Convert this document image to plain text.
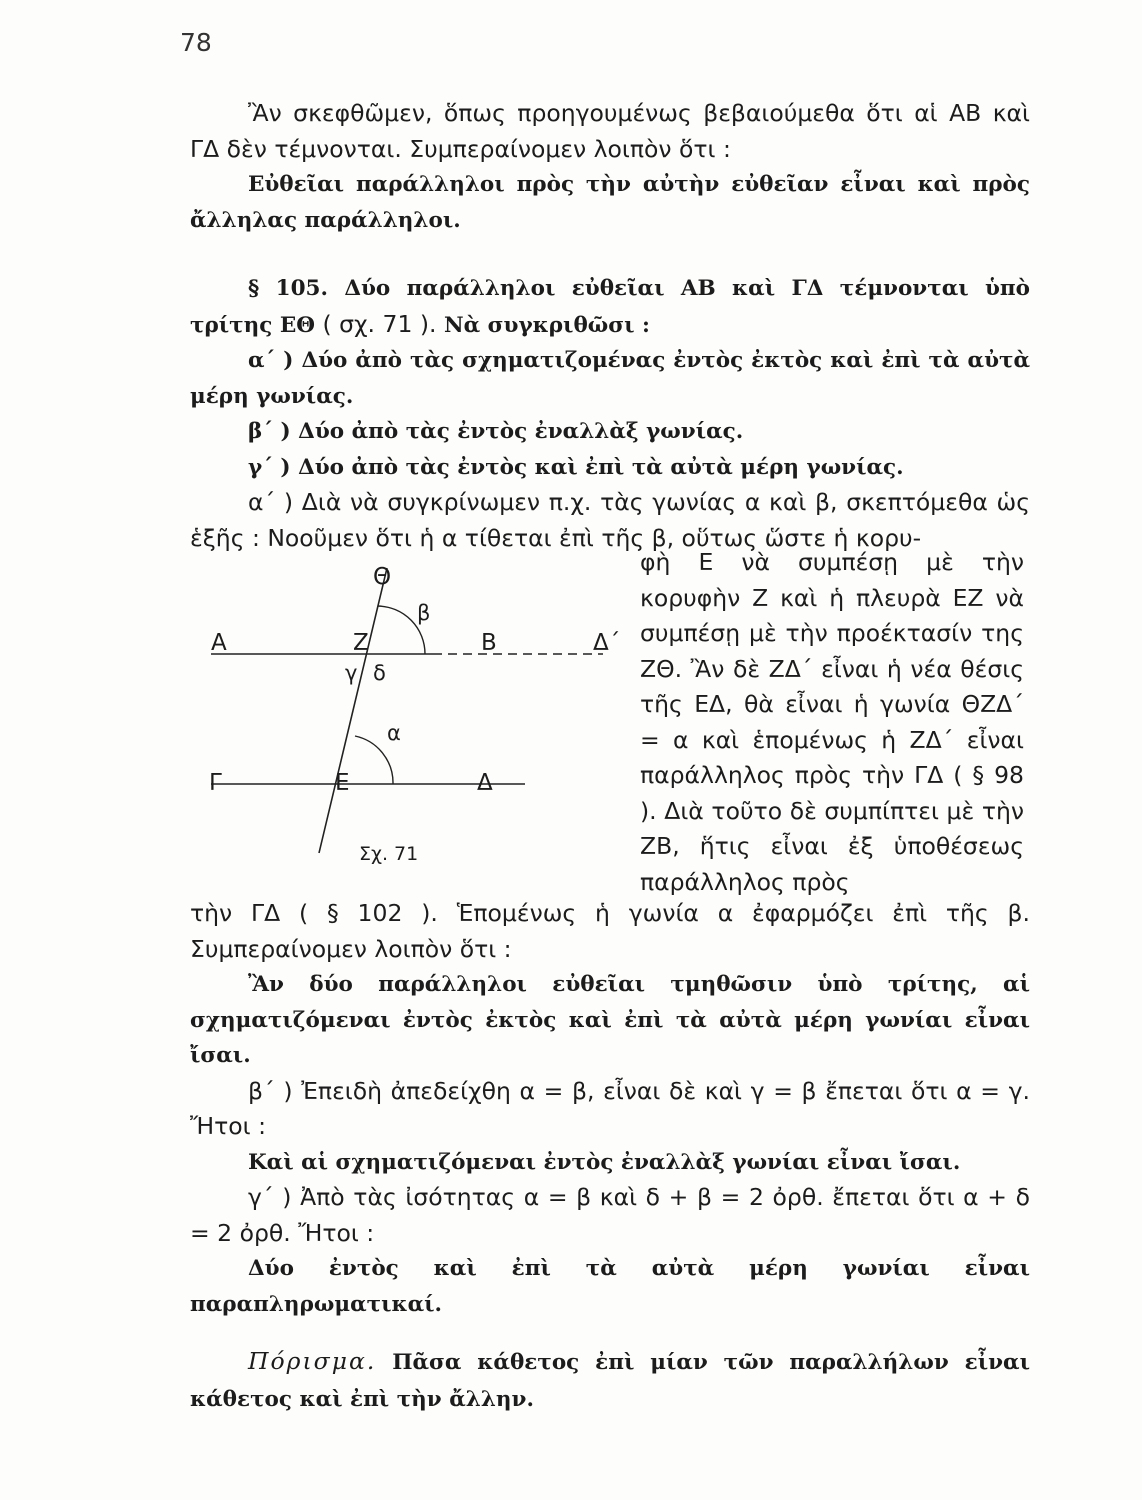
78

Ἂν σκεφθῶμεν, ὅπως προηγουμένως βεβαιούμεθα ὅτι αἱ ΑΒ καὶ ΓΔ δὲν τέμνονται. Συμπεραίνομεν λοιπὸν ὅτι :

Εὐθεῖαι παράλληλοι πρὸς τὴν αὐτὴν εὐθεῖαν εἶναι καὶ πρὸς ἄλληλας παράλληλοι.

§ 105. Δύο παράλληλοι εὐθεῖαι ΑΒ καὶ ΓΔ τέμνονται ὑπὸ τρίτης ΕΘ ( σχ. 71 ). Νὰ συγκριθῶσι :

α΄ ) Δύο ἀπὸ τὰς σχηματιζομένας ἐντὸς ἐκτὸς καὶ ἐπὶ τὰ αὐτὰ μέρη γωνίας.

β΄ ) Δύο ἀπὸ τὰς ἐντὸς ἐναλλὰξ γωνίας.

γ΄ ) Δύο ἀπὸ τὰς ἐντὸς καὶ ἐπὶ τὰ αὐτὰ μέρη γωνίας.

α΄ ) Διὰ νὰ συγκρίνωμεν π.χ. τὰς γωνίας α καὶ β, σκεπτόμεθα ὡς ἑξῆς : Νοοῦμεν ὅτι ἡ α τίθεται ἐπὶ τῆς β, οὕτως ὥστε ἡ κορυ-

Θ
Α	Ζ	Β	Δ΄
β
γ δ
α
Γ	Ε	Δ
Σχ. 71

φὴ Ε νὰ συμπέσῃ μὲ τὴν κορυφὴν Ζ καὶ ἡ πλευρὰ ΕΖ νὰ συμπέσῃ μὲ τὴν προέκτασίν της ΖΘ. Ἂν δὲ ΖΔ΄ εἶναι ἡ νέα θέσις τῆς ΕΔ, θὰ εἶναι ἡ γωνία ΘΖΔ΄ = α καὶ ἑπομένως ἡ ΖΔ΄ εἶναι παράλληλος πρὸς τὴν ΓΔ ( § 98 ). Διὰ τοῦτο δὲ συμπίπτει μὲ τὴν ΖΒ, ἥτις εἶναι ἐξ ὑποθέσεως παράλληλος πρὸς

τὴν ΓΔ ( § 102 ). Ἑπομένως ἡ γωνία α ἐφαρμόζει ἐπὶ τῆς β. Συμπεραίνομεν λοιπὸν ὅτι :

Ἂν δύο παράλληλοι εὐθεῖαι τμηθῶσιν ὑπὸ τρίτης, αἱ σχηματιζόμεναι ἐντὸς ἐκτὸς καὶ ἐπὶ τὰ αὐτὰ μέρη γωνίαι εἶναι ἴσαι.

β΄ ) Ἐπειδὴ ἀπεδείχθη α = β, εἶναι δὲ καὶ γ = β ἔπεται ὅτι α = γ. Ἤτοι :

Καὶ αἱ σχηματιζόμεναι ἐντὸς ἐναλλὰξ γωνίαι εἶναι ἴσαι.

γ΄ ) Ἀπὸ τὰς ἰσότητας α = β καὶ δ + β = 2 ὀρθ. ἔπεται ὅτι α + δ = 2 ὀρθ. Ἤτοι :

Δύο ἐντὸς καὶ ἐπὶ τὰ αὐτὰ μέρη γωνίαι εἶναι παραπληρωματικαί.

Πόρισμα. Πᾶσα κάθετος ἐπὶ μίαν τῶν παραλλήλων εἶναι κάθετος καὶ ἐπὶ τὴν ἄλλην.
